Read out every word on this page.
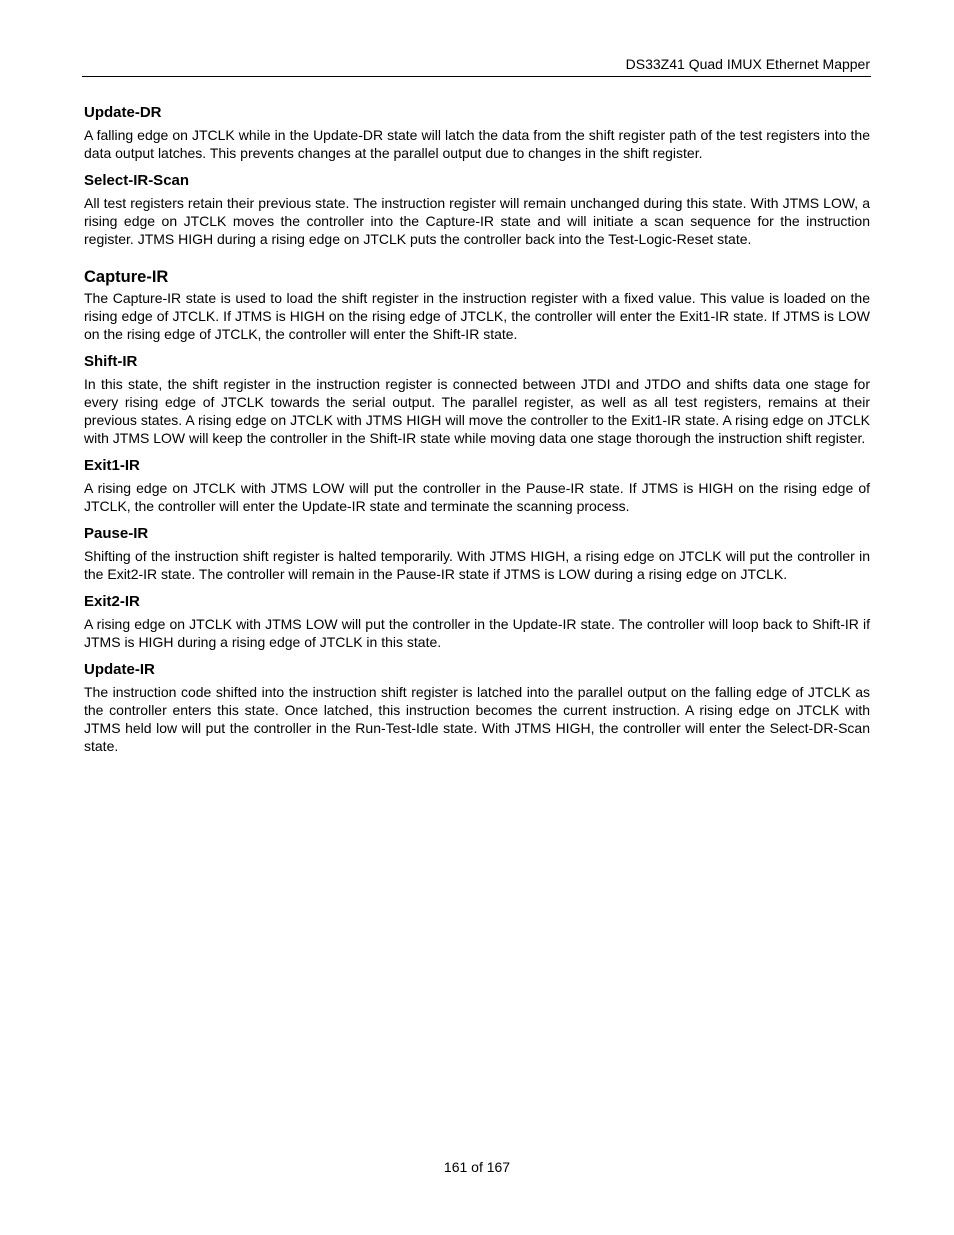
DS33Z41 Quad IMUX Ethernet Mapper
Update-DR

A falling edge on JTCLK while in the Update-DR state will latch the data from the shift register path of the test registers into the data output latches. This prevents changes at the parallel output due to changes in the shift register.

Select-IR-Scan

All test registers retain their previous state. The instruction register will remain unchanged during this state. With JTMS LOW, a rising edge on JTCLK moves the controller into the Capture-IR state and will initiate a scan sequence for the instruction register. JTMS HIGH during a rising edge on JTCLK puts the controller back into the Test-Logic-Reset state.

Capture-IR

The Capture-IR state is used to load the shift register in the instruction register with a fixed value. This value is loaded on the rising edge of JTCLK. If JTMS is HIGH on the rising edge of JTCLK, the controller will enter the Exit1-IR state. If JTMS is LOW on the rising edge of JTCLK, the controller will enter the Shift-IR state.

Shift-IR

In this state, the shift register in the instruction register is connected between JTDI and JTDO and shifts data one stage for every rising edge of JTCLK towards the serial output. The parallel register, as well as all test registers, remains at their previous states. A rising edge on JTCLK with JTMS HIGH will move the controller to the Exit1-IR state. A rising edge on JTCLK with JTMS LOW will keep the controller in the Shift-IR state while moving data one stage thorough the instruction shift register.

Exit1-IR

A rising edge on JTCLK with JTMS LOW will put the controller in the Pause-IR state. If JTMS is HIGH on the rising edge of JTCLK, the controller will enter the Update-IR state and terminate the scanning process.

Pause-IR

Shifting of the instruction shift register is halted temporarily. With JTMS HIGH, a rising edge on JTCLK will put the controller in the Exit2-IR state. The controller will remain in the Pause-IR state if JTMS is LOW during a rising edge on JTCLK.

Exit2-IR

A rising edge on JTCLK with JTMS LOW will put the controller in the Update-IR state. The controller will loop back to Shift-IR if JTMS is HIGH during a rising edge of JTCLK in this state.

Update-IR

The instruction code shifted into the instruction shift register is latched into the parallel output on the falling edge of JTCLK as the controller enters this state. Once latched, this instruction becomes the current instruction. A rising edge on JTCLK with JTMS held low will put the controller in the Run-Test-Idle state. With JTMS HIGH, the controller will enter the Select-DR-Scan state.

161 of 167
